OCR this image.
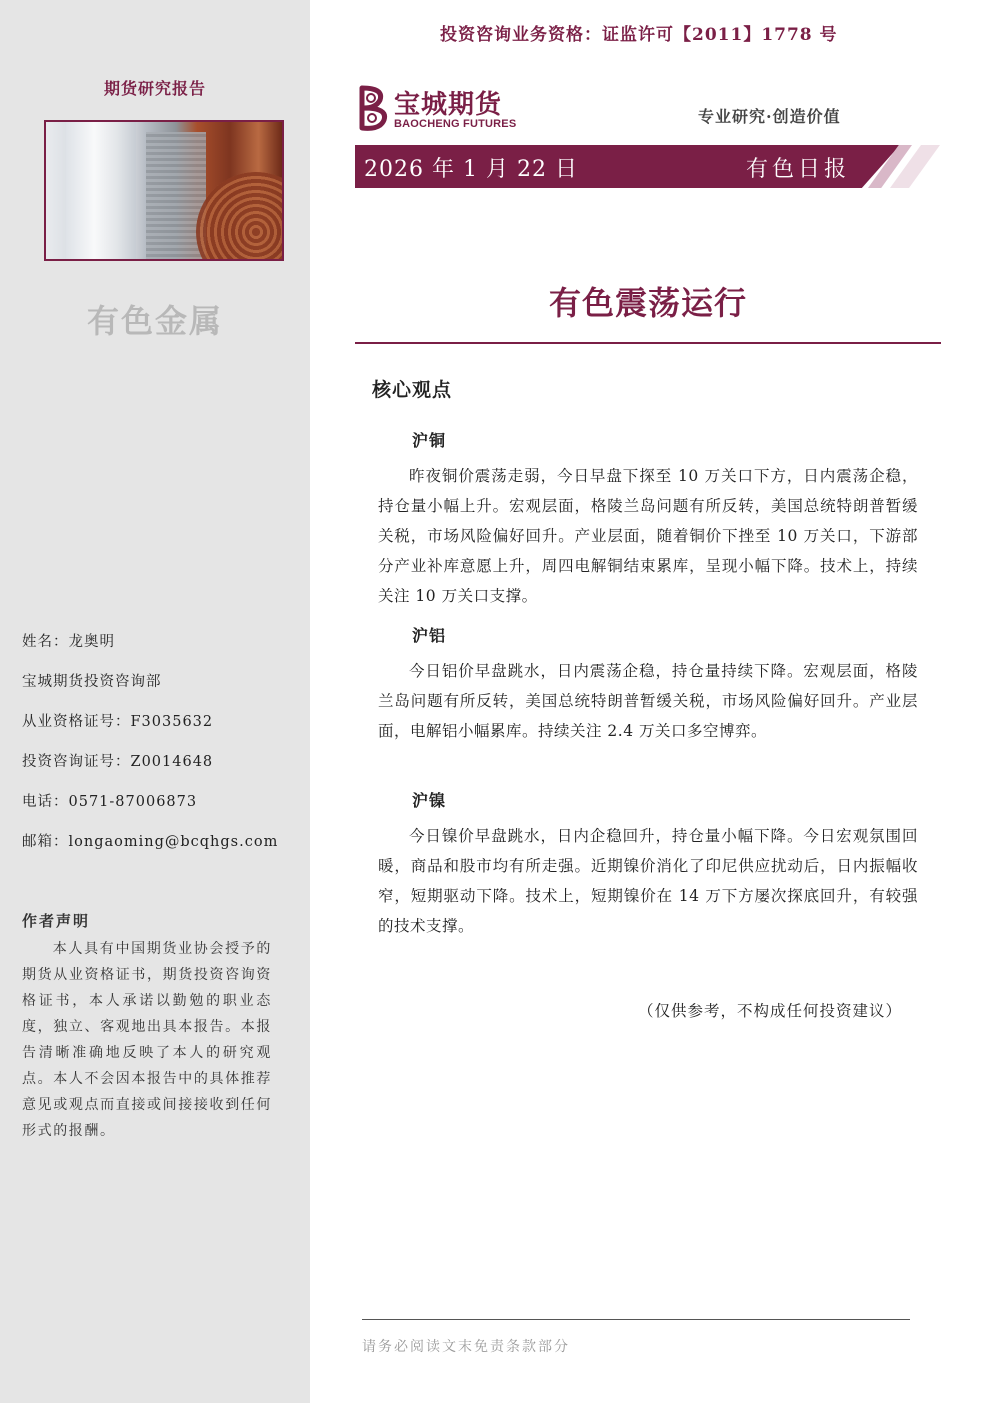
期货研究报告
有色金属
姓名：龙奥明
宝城期货投资咨询部
从业资格证号：F3035632
投资咨询证号：Z0014648
电话：0571-87006873
邮箱：longaoming@bcqhgs.com
作者声明
本人具有中国期货业协会授予的期货从业资格证书，期货投资咨询资格证书，本人承诺以勤勉的职业态度，独立、客观地出具本报告。本报告清晰准确地反映了本人的研究观点。本人不会因本报告中的具体推荐意见或观点而直接或间接接收到任何形式的报酬。
投资咨询业务资格：证监许可【2011】1778 号
宝城期货
BAOCHENG FUTURES	专业研究·创造价值
2026 年 1 月 22 日	有色日报
有色震荡运行
核心观点
沪铜
昨夜铜价震荡走弱，今日早盘下探至 10 万关口下方，日内震荡企稳，持仓量小幅上升。宏观层面，格陵兰岛问题有所反转，美国总统特朗普暂缓关税，市场风险偏好回升。产业层面，随着铜价下挫至 10 万关口，下游部分产业补库意愿上升，周四电解铜结束累库，呈现小幅下降。技术上，持续关注 10 万关口支撑。
沪铝
今日铝价早盘跳水，日内震荡企稳，持仓量持续下降。宏观层面，格陵兰岛问题有所反转，美国总统特朗普暂缓关税，市场风险偏好回升。产业层面，电解铝小幅累库。持续关注 2.4 万关口多空博弈。
沪镍
今日镍价早盘跳水，日内企稳回升，持仓量小幅下降。今日宏观氛围回暖，商品和股市均有所走强。近期镍价消化了印尼供应扰动后，日内振幅收窄，短期驱动下降。技术上，短期镍价在 14 万下方屡次探底回升，有较强的技术支撑。
（仅供参考，不构成任何投资建议）
请务必阅读文末免责条款部分
